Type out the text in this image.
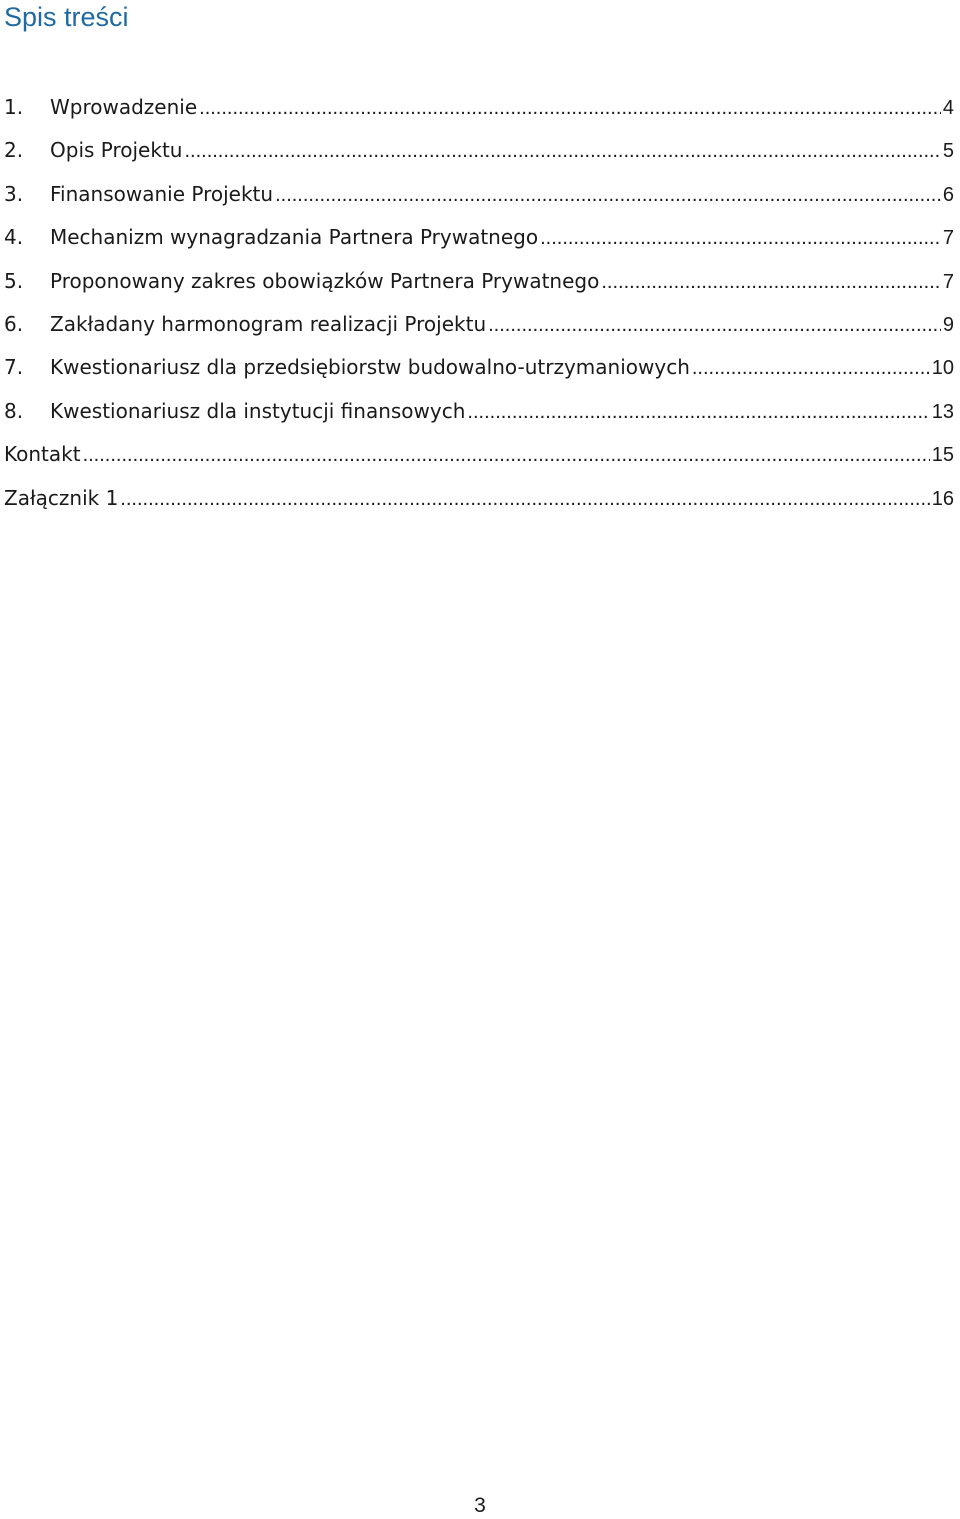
Spis treści
1.	Wprowadzenie .....	4
2.	Opis Projektu .....	5
3.	Finansowanie Projektu .....	6
4.	Mechanizm wynagradzania Partnera Prywatnego .....	7
5.	Proponowany zakres obowiązków Partnera Prywatnego .....	7
6.	Zakładany harmonogram realizacji Projektu .....	9
7.	Kwestionariusz dla przedsiębiorstw budowalno-utrzymaniowych .....	10
8.	Kwestionariusz dla instytucji finansowych .....	13
Kontakt .....	15
Załącznik 1 .....	16
3
